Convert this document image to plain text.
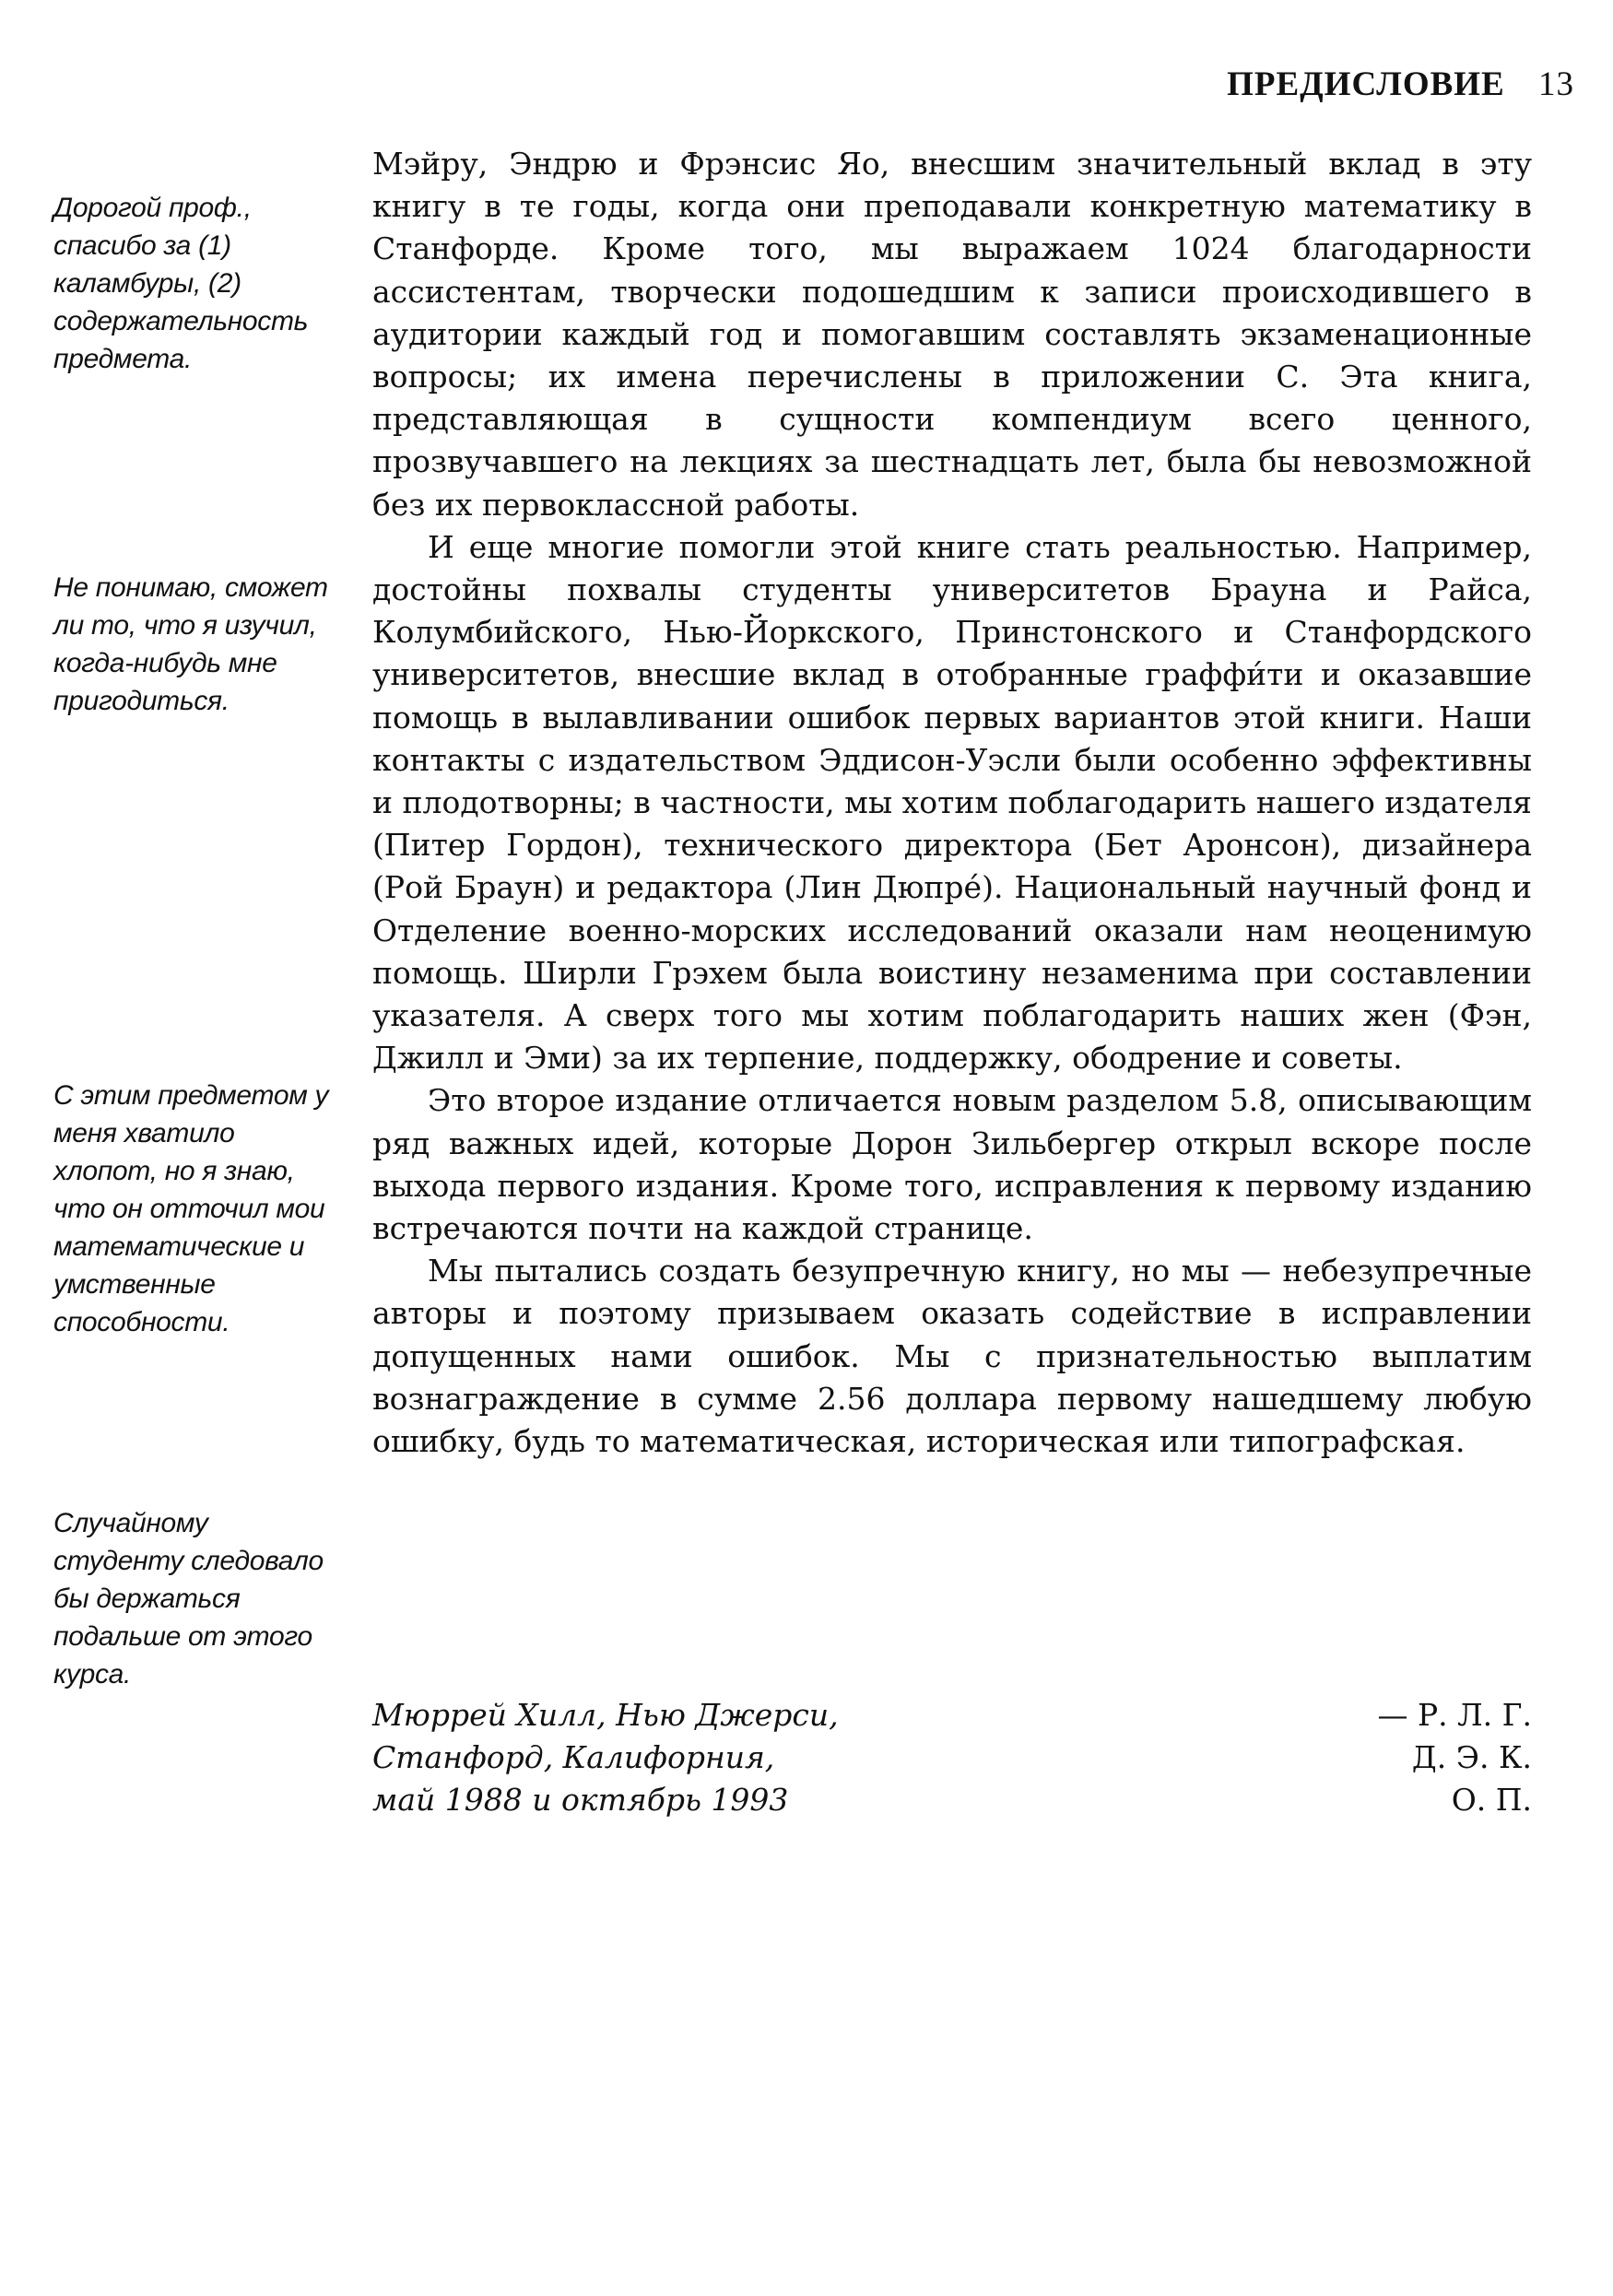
ПРЕДИСЛОВИЕ 13
Дорогой проф., спасибо за (1) каламбуры, (2) содержательность предмета.
Не понимаю, сможет ли то, что я изучил, когда-нибудь мне пригодиться.
С этим предметом у меня хватило хлопот, но я знаю, что он отточил мои математические и умственные способности.
Случайному студенту следовало бы держаться подальше от этого курса.

Мэйру, Эндрю и Фрэнсис Яо, внесшим значительный вклад в эту книгу в те годы, когда они преподавали конкретную математику в Станфорде. Кроме того, мы выражаем 1024 благодарности ассистентам, творчески подошедшим к записи происходившего в аудитории каждый год и помогавшим составлять экзаменационные вопросы; их имена перечислены в приложении С. Эта книга, представляющая в сущности компендиум всего ценного, прозвучавшего на лекциях за шестнадцать лет, была бы невозможной без их первоклассной работы.

И еще многие помогли этой книге стать реальностью. Например, достойны похвалы студенты университетов Брауна и Райса, Колумбийского, Нью-Йоркского, Принстонского и Станфордского университетов, внесшие вклад в отобранные граффи́ти и оказавшие помощь в вылавливании ошибок первых вариантов этой книги. Наши контакты с издательством Эддисон-Уэсли были особенно эффективны и плодотворны; в частности, мы хотим поблагодарить нашего издателя (Питер Гордон), технического директора (Бет Аронсон), дизайнера (Рой Браун) и редактора (Лин Дюпрé). Национальный научный фонд и Отделение военно-морских исследований оказали нам неоценимую помощь. Ширли Грэхем была воистину незаменима при составлении указателя. А сверх того мы хотим поблагодарить наших жен (Фэн, Джилл и Эми) за их терпение, поддержку, ободрение и советы.

Это второе издание отличается новым разделом 5.8, описывающим ряд важных идей, которые Дорон Зильбергер открыл вскоре после выхода первого издания. Кроме того, исправления к первому изданию встречаются почти на каждой странице.

Мы пытались создать безупречную книгу, но мы — небезупречные авторы и поэтому призываем оказать содействие в исправлении допущенных нами ошибок. Мы с признательностью выплатим вознаграждение в сумме 2.56 доллара первому нашедшему любую ошибку, будь то математическая, историческая или типографская.

Мюррей Хилл, Нью Джерси,
Станфорд, Калифорния,
май 1988 и октябрь 1993
— Р. Л. Г.
Д. Э. К.
О. П.
